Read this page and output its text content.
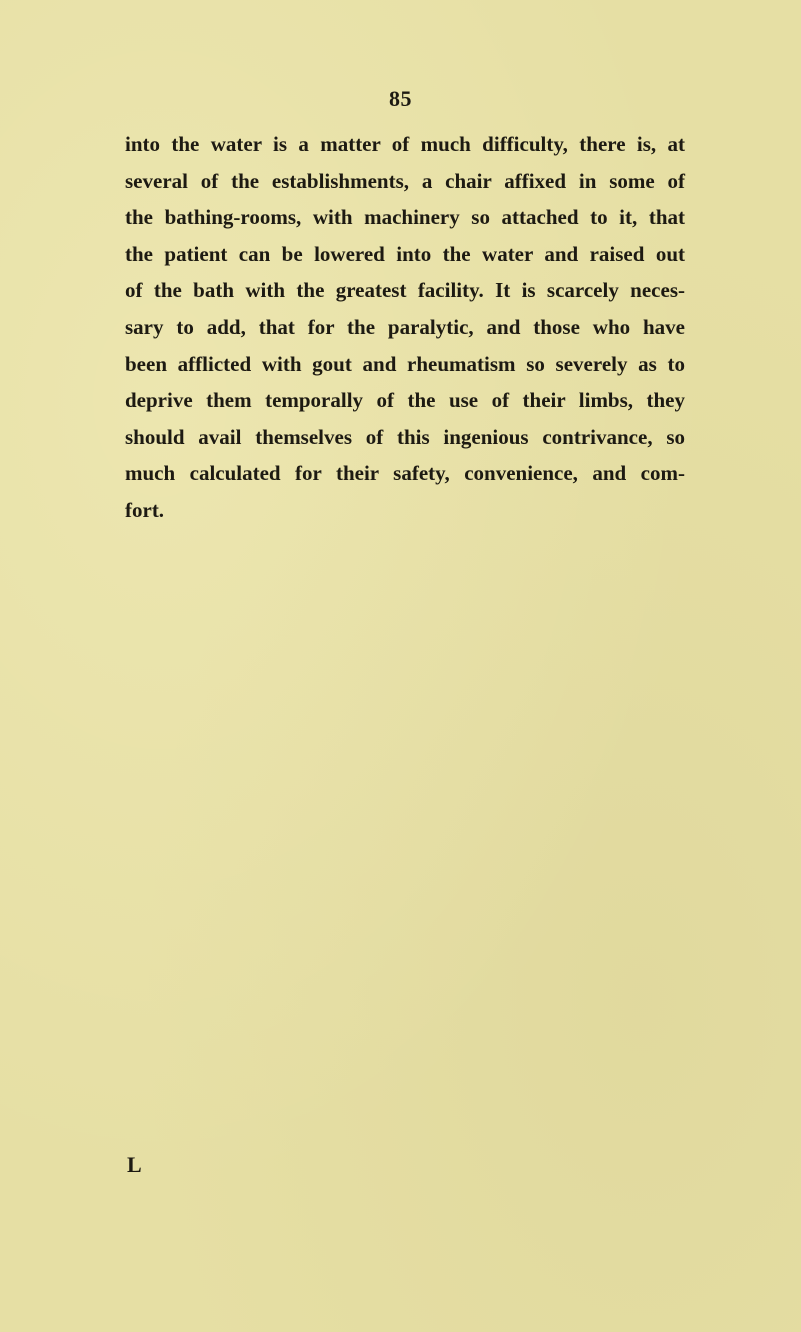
85

into the water is a matter of much difficulty, there is, at
several of the establishments, a chair affixed in some of
the bathing-rooms, with machinery so attached to it, that
the patient can be lowered into the water and raised out
of the bath with the greatest facility. It is scarcely neces-
sary to add, that for the paralytic, and those who have
been afflicted with gout and rheumatism so severely as to
deprive them temporally of the use of their limbs, they
should avail themselves of this ingenious contrivance, so
much calculated for their safety, convenience, and com-
fort.

L
